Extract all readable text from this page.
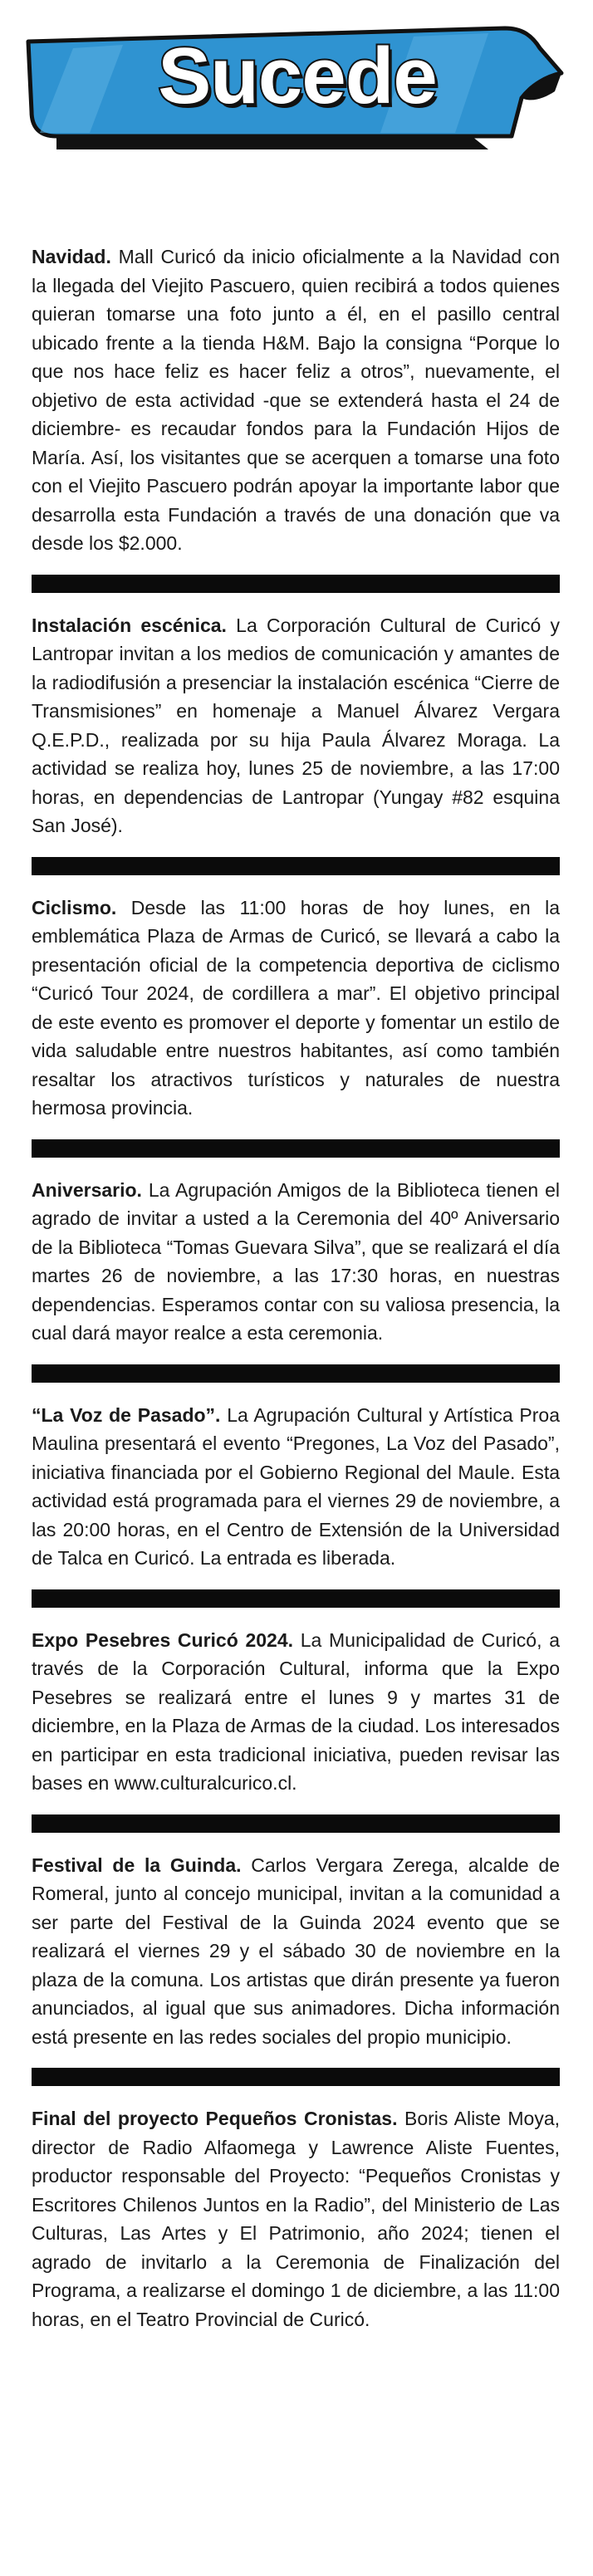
Sucede

Navidad. Mall Curicó da inicio oficialmente a la Navidad con la llegada del Viejito Pascuero, quien recibirá a todos quienes quieran tomarse una foto junto a él, en el pasillo central ubicado frente a la tienda H&M. Bajo la consigna “Porque lo que nos hace feliz es hacer feliz a otros”, nuevamente, el objetivo de esta actividad -que se extenderá hasta el 24 de diciembre- es recaudar fondos para la Fundación Hijos de María. Así, los visitantes que se acerquen a tomarse una foto con el Viejito Pascuero podrán apoyar la importante labor que desarrolla esta Fundación a través de una donación que va desde los $2.000.

Instalación escénica. La Corporación Cultural de Curicó y Lantropar invitan a los medios de comunicación y amantes de la radiodifusión a presenciar la instalación escénica “Cierre de Transmisiones” en homenaje a Manuel Álvarez Vergara Q.E.P.D., realizada por su hija Paula Álvarez Moraga. La actividad se realiza hoy, lunes 25 de noviembre, a las 17:00 horas, en dependencias de Lantropar (Yungay #82 esquina San José).

Ciclismo. Desde las 11:00 horas de hoy lunes, en la emblemática Plaza de Armas de Curicó, se llevará a cabo la presentación oficial de la competencia deportiva de ciclismo “Curicó Tour 2024, de cordillera a mar”. El objetivo principal de este evento es promover el deporte y fomentar un estilo de vida saludable entre nuestros habitantes, así como también resaltar los atractivos turísticos y naturales de nuestra hermosa provincia.

Aniversario. La Agrupación Amigos de la Biblioteca tienen el agrado de invitar a usted a la Ceremonia del 40º Aniversario de la Biblioteca “Tomas Guevara Silva”, que se realizará el día martes 26 de noviembre, a las 17:30 horas, en nuestras dependencias. Esperamos contar con su valiosa presencia, la cual dará mayor realce a esta ceremonia.

“La Voz de Pasado”. La Agrupación Cultural y Artística Proa Maulina presentará el evento “Pregones, La Voz del Pasado”, iniciativa financiada por el Gobierno Regional del Maule. Esta actividad está programada para el viernes 29 de noviembre, a las 20:00 horas, en el Centro de Extensión de la Universidad de Talca en Curicó. La entrada es liberada.

Expo Pesebres Curicó 2024. La Municipalidad de Curicó, a través de la Corporación Cultural, informa que la Expo Pesebres se realizará entre el lunes 9 y martes 31 de diciembre, en la Plaza de Armas de la ciudad. Los interesados en participar en esta tradicional iniciativa, pueden revisar las bases en www.culturalcurico.cl.

Festival de la Guinda. Carlos Vergara Zerega, alcalde de Romeral, junto al concejo municipal, invitan a la comunidad a ser parte del Festival de la Guinda 2024 evento que se realizará el viernes 29 y el sábado 30 de noviembre en la plaza de la comuna. Los artistas que dirán presente ya fueron anunciados, al igual que sus animadores. Dicha información está presente en las redes sociales del propio municipio.

Final del proyecto Pequeños Cronistas. Boris Aliste Moya, director de Radio Alfaomega y Lawrence Aliste Fuentes, productor responsable del Proyecto: “Pequeños Cronistas y Escritores Chilenos Juntos en la Radio”, del Ministerio de Las Culturas, Las Artes y El Patrimonio, año 2024; tienen el agrado de invitarlo a la Ceremonia de Finalización del Programa, a realizarse el domingo 1 de diciembre, a las 11:00 horas, en el Teatro Provincial de Curicó.
